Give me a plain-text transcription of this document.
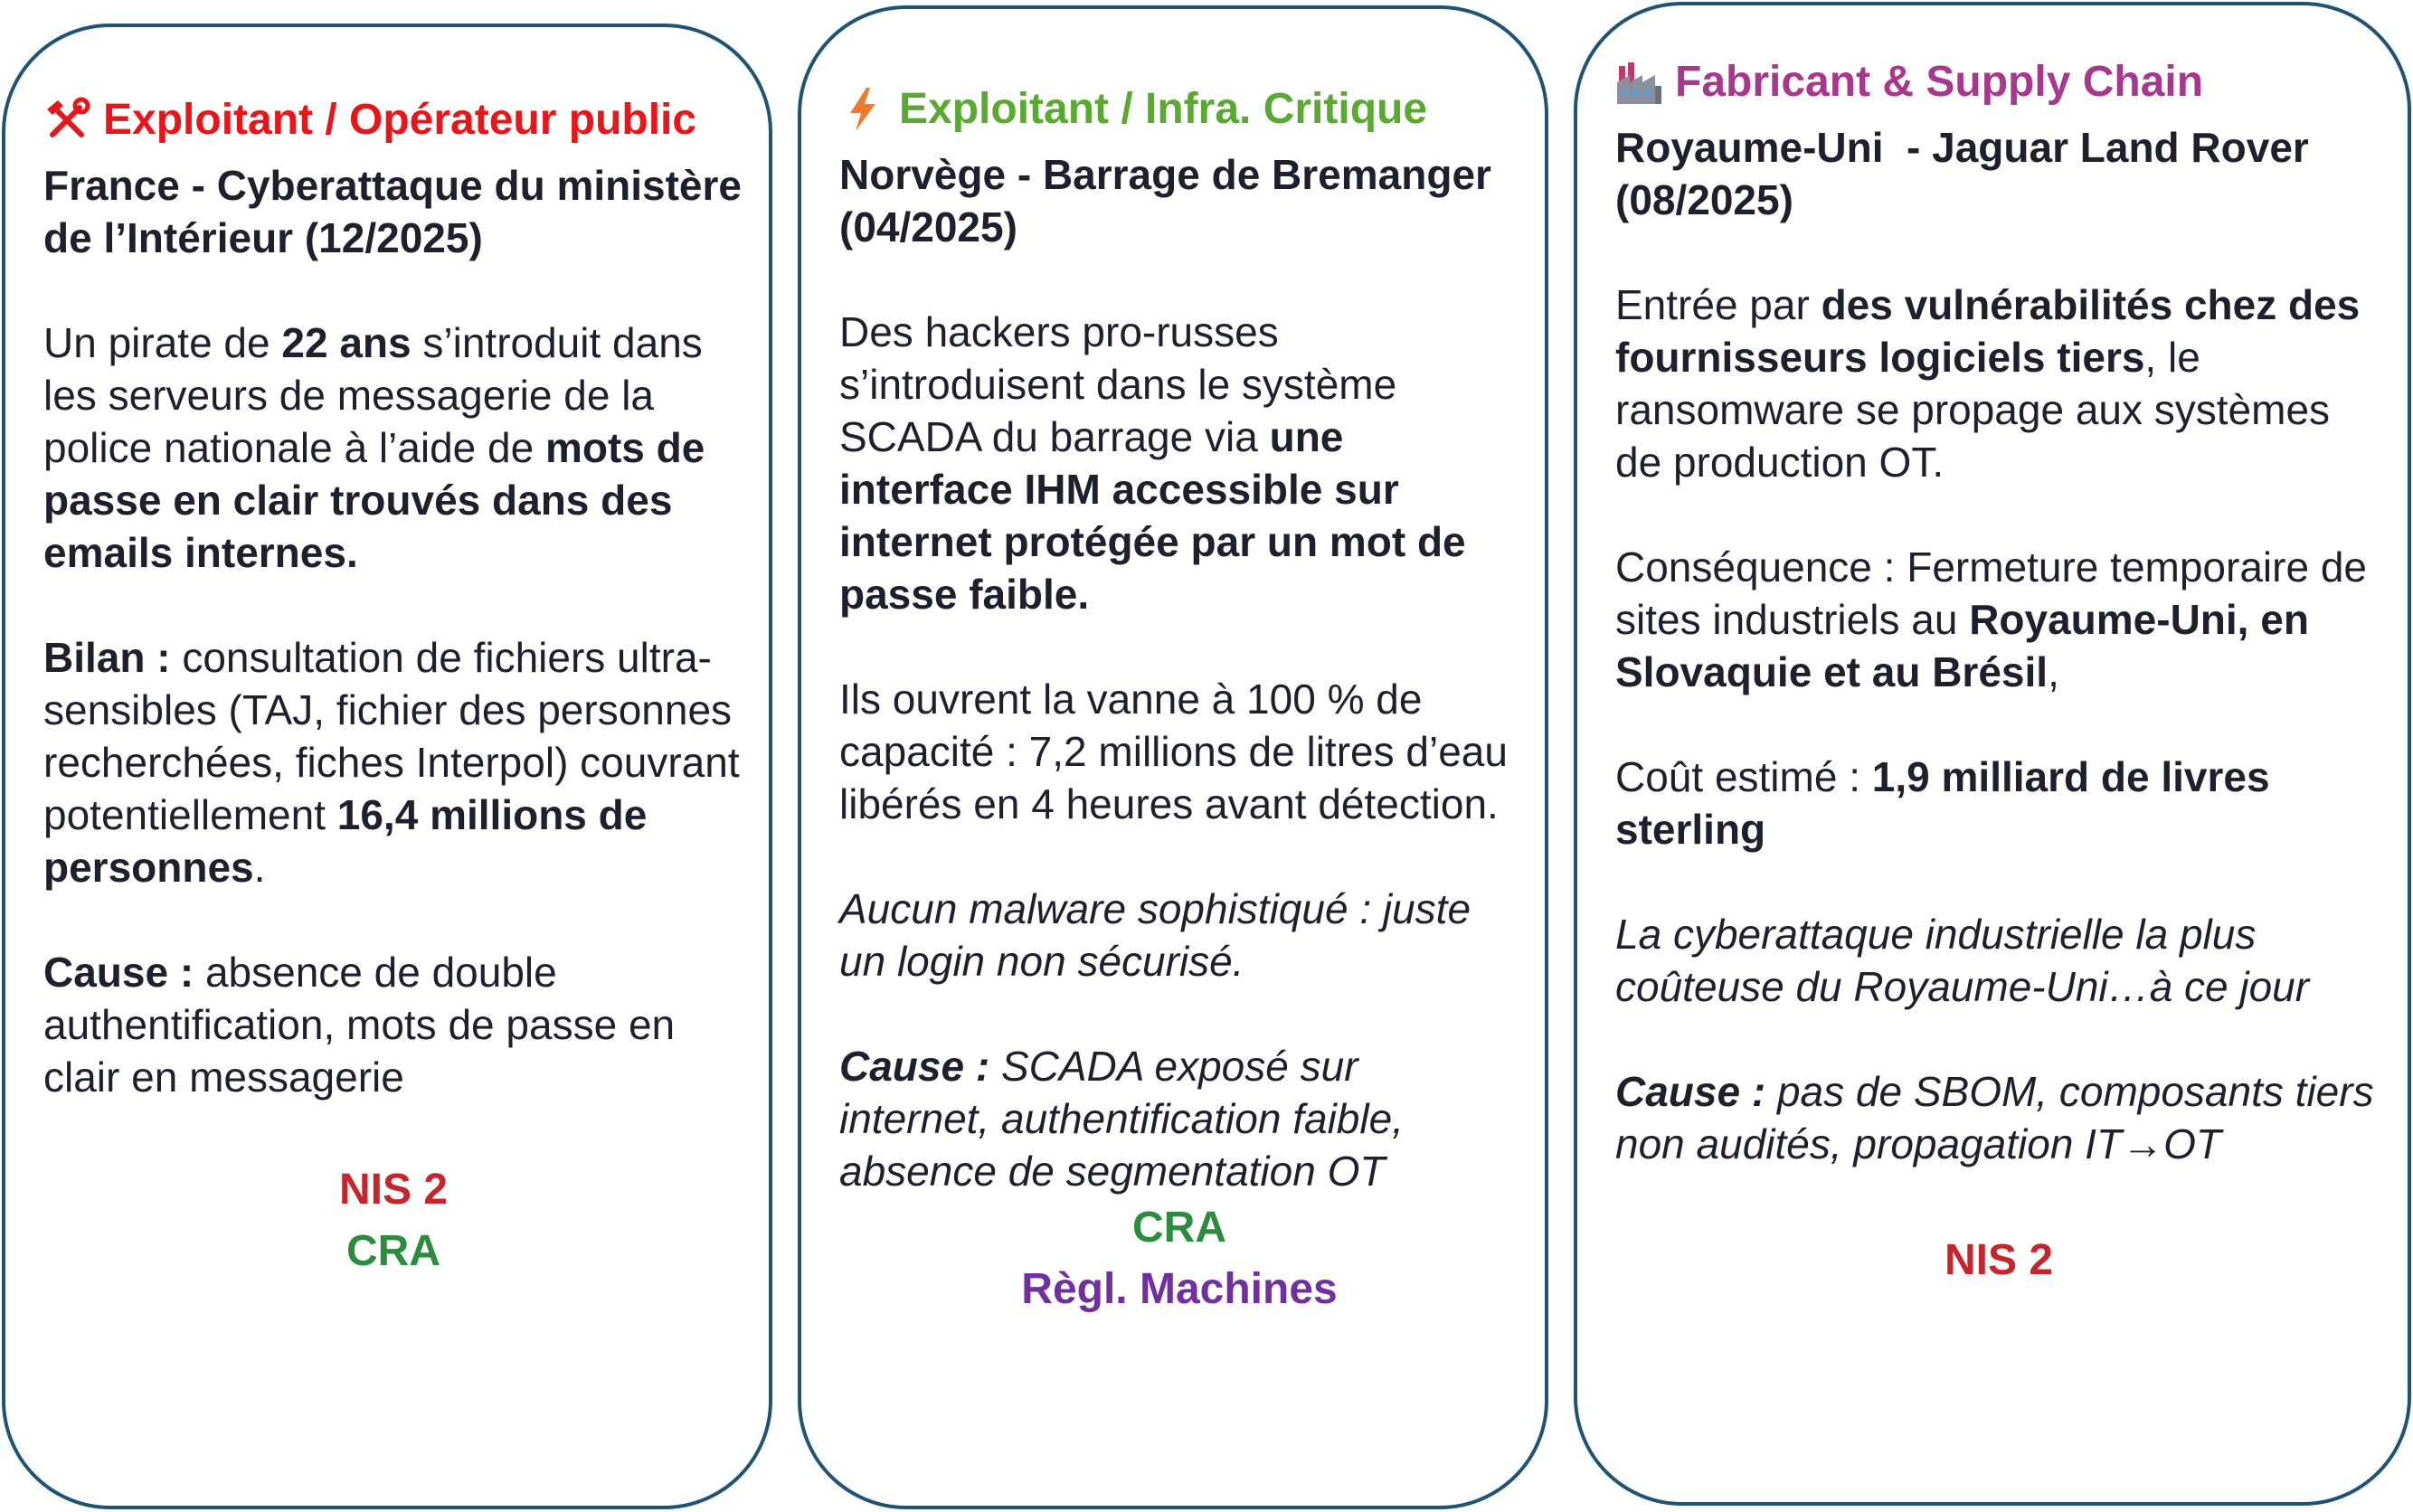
Exploitant / Opérateur public
France - Cyberattaque du ministère de l’Intérieur (12/2025)
Un pirate de 22 ans s’introduit dans les serveurs de messagerie de la police nationale à l’aide de mots de passe en clair trouvés dans des emails internes.
Bilan : consultation de fichiers ultra-sensibles (TAJ, fichier des personnes recherchées, fiches Interpol) couvrant potentiellement 16,4 millions de personnes.
Cause : absence de double authentification, mots de passe en clair en messagerie
NIS 2
CRA
Exploitant / Infra. Critique
Norvège - Barrage de Bremanger (04/2025)
Des hackers pro-russes s’introduisent dans le système SCADA du barrage via une interface IHM accessible sur internet protégée par un mot de passe faible.
Ils ouvrent la vanne à 100 % de capacité : 7,2 millions de litres d’eau libérés en 4 heures avant détection.
Aucun malware sophistiqué : juste un login non sécurisé.
Cause : SCADA exposé sur internet, authentification faible, absence de segmentation OT
CRA
Règl. Machines
Fabricant & Supply Chain
Royaume-Uni  - Jaguar Land Rover (08/2025)
Entrée par des vulnérabilités chez des fournisseurs logiciels tiers, le ransomware se propage aux systèmes de production OT.
Conséquence : Fermeture temporaire de sites industriels au Royaume-Uni, en Slovaquie et au Brésil,
Coût estimé : 1,9 milliard de livres sterling
La cyberattaque industrielle la plus coûteuse du Royaume-Uni…à ce jour
Cause : pas de SBOM, composants tiers non audités, propagation IT→OT
NIS 2
